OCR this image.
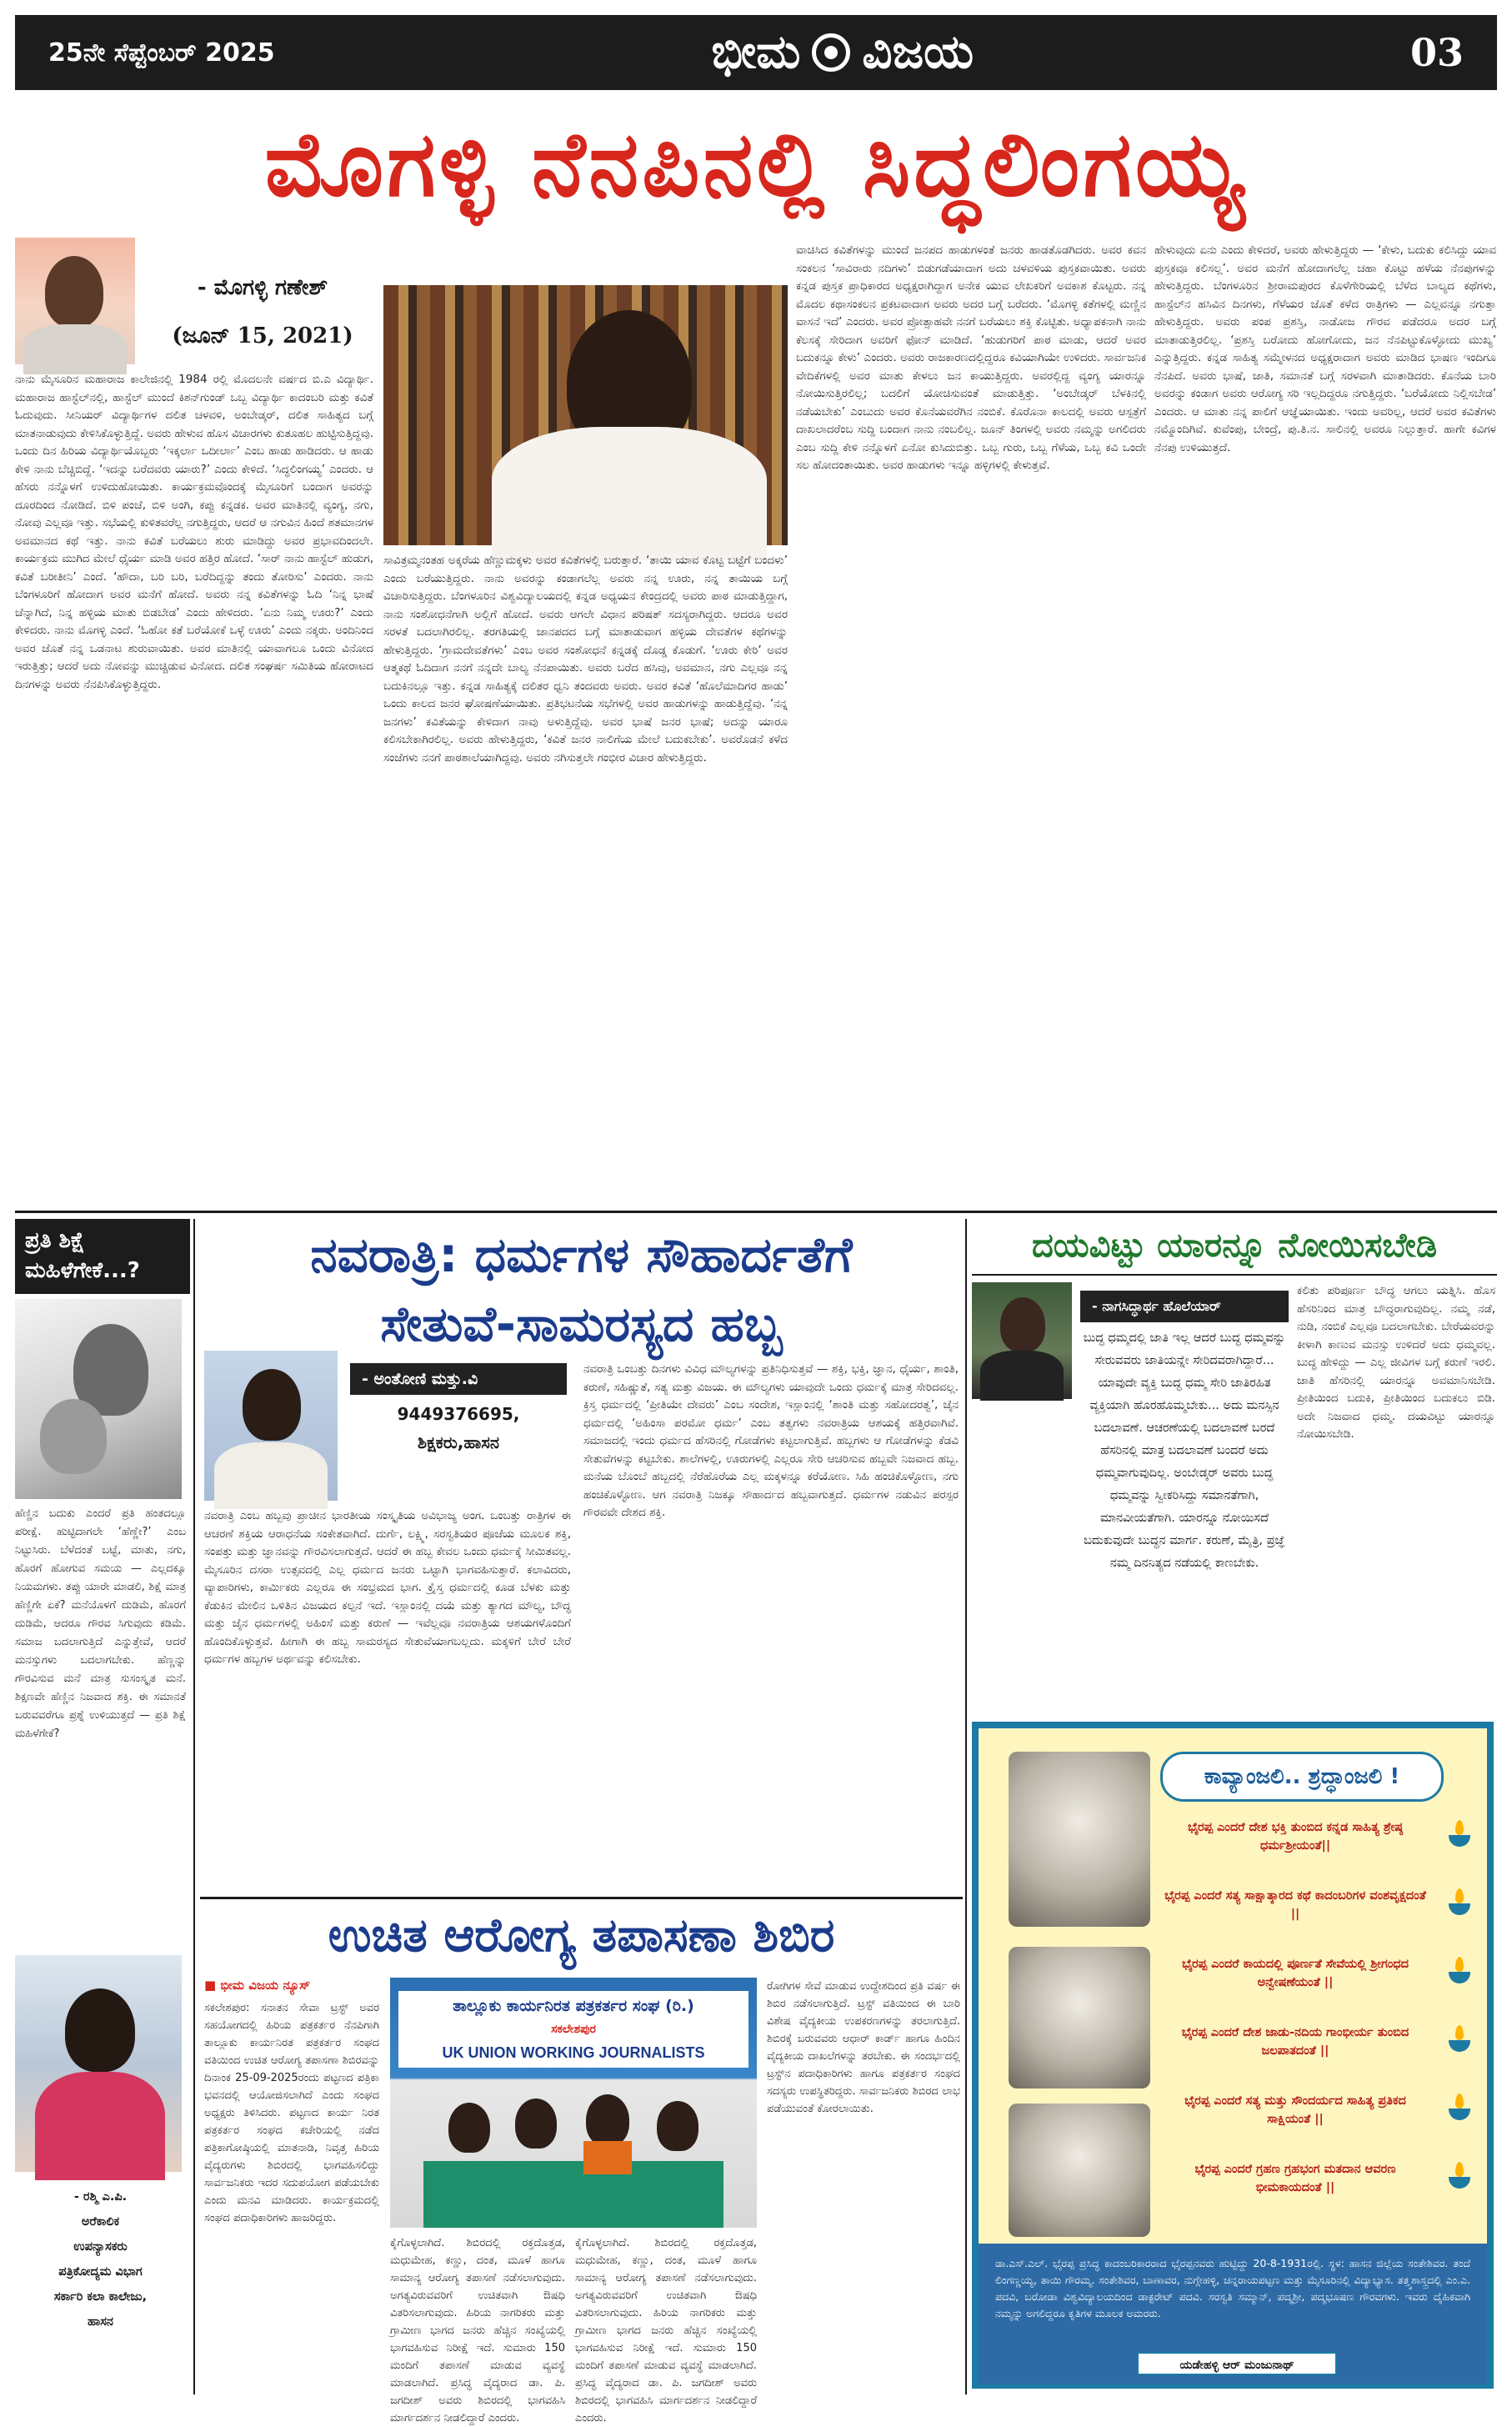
25ನೇ ಸೆಪ್ಟೆಂಬರ್ 2025	ಭೀಮ ವಿಜಯ	03
ಮೊಗಳ್ಳಿ ನೆನಪಿನಲ್ಲಿ ಸಿದ್ಧಲಿಂಗಯ್ಯ
- ಮೊಗಳ್ಳಿ ಗಣೇಶ್
(ಜೂನ್ 15, 2021)

ನಾನು ಮೈಸೂರಿನ ಮಹಾರಾಜ ಕಾಲೇಜಿನಲ್ಲಿ 1984 ರಲ್ಲಿ ಮೊದಲನೇ ವರ್ಷದ ಬಿ.ಎ ವಿದ್ಯಾರ್ಥಿ. ಮಹಾರಾಜ ಹಾಸ್ಟೆಲ್‌ನಲ್ಲಿ, ಹಾಸ್ಟೆಲ್ ಮುಂದೆ ಕಿಶನ್‌ಗುಂಡ್ ಒಬ್ಬ ವಿದ್ಯಾರ್ಥಿ ಕಾದಂಬರಿ ಮತ್ತು ಕವಿತೆ ಓದುವುದು. ಸೀನಿಯರ್ ವಿದ್ಯಾರ್ಥಿಗಳ ದಲಿತ ಚಳವಳಿ, ಅಂಬೇಡ್ಕರ್, ದಲಿತ ಸಾಹಿತ್ಯದ ಬಗ್ಗೆ ಮಾತನಾಡುವುದು ಕೇಳಿಸಿಕೊಳ್ಳುತ್ತಿದ್ದೆ. ಅವರು ಹೇಳುವ ಹೊಸ ವಿಚಾರಗಳು ಕುತೂಹಲ ಹುಟ್ಟಿಸುತ್ತಿದ್ದವು. ಒಂದು ದಿನ ಹಿರಿಯ ವಿದ್ಯಾರ್ಥಿಯೊಬ್ಬರು ‘ಇಕ್ಕರ್ಲಾ ಒದೀರ್ಲಾ’ ಎಂಬ ಹಾಡು ಹಾಡಿದರು. ಆ ಹಾಡು ಕೇಳಿ ನಾನು ಬೆಚ್ಚಿಬಿದ್ದೆ. ‘ಇದನ್ನು ಬರೆದವರು ಯಾರು?’ ಎಂದು ಕೇಳಿದೆ. ‘ಸಿದ್ಧಲಿಂಗಯ್ಯ’ ಎಂದರು. ಆ ಹೆಸರು ನನ್ನೊಳಗೆ ಉಳಿದುಹೋಯಿತು. ಕಾರ್ಯಕ್ರಮವೊಂದಕ್ಕೆ ಮೈಸೂರಿಗೆ ಬಂದಾಗ ಅವರನ್ನು ದೂರದಿಂದ ನೋಡಿದೆ. ಬಿಳಿ ಪಂಚೆ, ಬಿಳಿ ಅಂಗಿ, ಕಪ್ಪು ಕನ್ನಡಕ. ಅವರ ಮಾತಿನಲ್ಲಿ ವ್ಯಂಗ್ಯ, ನಗು, ನೋವು ಎಲ್ಲವೂ ಇತ್ತು. ಸಭೆಯಲ್ಲಿ ಕುಳಿತವರೆಲ್ಲ ನಗುತ್ತಿದ್ದರು, ಆದರೆ ಆ ನಗುವಿನ ಹಿಂದೆ ಶತಮಾನಗಳ ಅವಮಾನದ ಕಥೆ ಇತ್ತು. ನಾನು ಕವಿತೆ ಬರೆಯಲು ಶುರು ಮಾಡಿದ್ದು ಅವರ ಪ್ರಭಾವದಿಂದಲೇ. ಕಾರ್ಯಕ್ರಮ ಮುಗಿದ ಮೇಲೆ ಧೈರ್ಯ ಮಾಡಿ ಅವರ ಹತ್ತಿರ ಹೋದೆ. ‘ಸಾರ್ ನಾನು ಹಾಸ್ಟೆಲ್ ಹುಡುಗ, ಕವಿತೆ ಬರೀತೀನಿ’ ಎಂದೆ. ‘ಹೌದಾ, ಬರಿ ಬರಿ, ಬರೆದಿದ್ದನ್ನು ತಂದು ತೋರಿಸು’ ಎಂದರು. ನಾನು ಬೆಂಗಳೂರಿಗೆ ಹೋದಾಗ ಅವರ ಮನೆಗೆ ಹೋದೆ. ಅವರು ನನ್ನ ಕವಿತೆಗಳನ್ನು ಓದಿ ‘ನಿನ್ನ ಭಾಷೆ ಚೆನ್ನಾಗಿದೆ, ನಿನ್ನ ಹಳ್ಳಿಯ ಮಾತು ಬಿಡಬೇಡ’ ಎಂದು ಹೇಳಿದರು. ‘ಏನು ನಿಮ್ಮ ಊರು?’ ಎಂದು ಕೇಳಿದರು. ನಾನು ಮೊಗಳ್ಳಿ ಎಂದೆ. ‘ಓಹೋ ಕತೆ ಬರೆಯೋಕೆ ಒಳ್ಳೆ ಊರು’ ಎಂದು ನಕ್ಕರು. ಅಂದಿನಿಂದ ಅವರ ಜೊತೆ ನನ್ನ ಒಡನಾಟ ಶುರುವಾಯಿತು. ಅವರ ಮಾತಿನಲ್ಲಿ ಯಾವಾಗಲೂ ಒಂದು ವಿನೋದ ಇರುತ್ತಿತ್ತು; ಆದರೆ ಅದು ನೋವನ್ನು ಮುಚ್ಚಿಡುವ ವಿನೋದ. ದಲಿತ ಸಂಘರ್ಷ ಸಮಿತಿಯ ಹೋರಾಟದ ದಿನಗಳನ್ನು ಅವರು ನೆನಪಿಸಿಕೊಳ್ಳುತ್ತಿದ್ದರು.

ಸಾವಿತ್ರಮ್ಮನಂತಹ ಅಕ್ಕರೆಯ ಹೆಣ್ಣುಮಕ್ಕಳು ಅವರ ಕವಿತೆಗಳಲ್ಲಿ ಬರುತ್ತಾರೆ. ‘ತಾಯಿ ಯಾವ ಕೊಟ್ಟ ಬಟ್ಟೆಗೆ ಬಂದಳು’ ಎಂದು ಬರೆಯುತ್ತಿದ್ದರು. ನಾನು ಅವರನ್ನು ಕಂಡಾಗಲೆಲ್ಲ ಅವರು ನನ್ನ ಊರು, ನನ್ನ ತಾಯಿಯ ಬಗ್ಗೆ ವಿಚಾರಿಸುತ್ತಿದ್ದರು. ಬೆಂಗಳೂರಿನ ವಿಶ್ವವಿದ್ಯಾಲಯದಲ್ಲಿ ಕನ್ನಡ ಅಧ್ಯಯನ ಕೇಂದ್ರದಲ್ಲಿ ಅವರು ಪಾಠ ಮಾಡುತ್ತಿದ್ದಾಗ, ನಾನು ಸಂಶೋಧನೆಗಾಗಿ ಅಲ್ಲಿಗೆ ಹೋದೆ. ಅವರು ಆಗಲೇ ವಿಧಾನ ಪರಿಷತ್ ಸದಸ್ಯರಾಗಿದ್ದರು. ಆದರೂ ಅವರ ಸರಳತೆ ಬದಲಾಗಿರಲಿಲ್ಲ. ತರಗತಿಯಲ್ಲಿ ಜಾನಪದದ ಬಗ್ಗೆ ಮಾತಾಡುವಾಗ ಹಳ್ಳಿಯ ದೇವತೆಗಳ ಕಥೆಗಳನ್ನು ಹೇಳುತ್ತಿದ್ದರು. ‘ಗ್ರಾಮದೇವತೆಗಳು’ ಎಂಬ ಅವರ ಸಂಶೋಧನೆ ಕನ್ನಡಕ್ಕೆ ದೊಡ್ಡ ಕೊಡುಗೆ. ‘ಊರು ಕೇರಿ’ ಅವರ ಆತ್ಮಕಥೆ ಓದಿದಾಗ ನನಗೆ ನನ್ನದೇ ಬಾಲ್ಯ ನೆನಪಾಯಿತು. ಅವರು ಬರೆದ ಹಸಿವು, ಅವಮಾನ, ನಗು ಎಲ್ಲವೂ ನನ್ನ ಬದುಕಿನಲ್ಲೂ ಇತ್ತು. ಕನ್ನಡ ಸಾಹಿತ್ಯಕ್ಕೆ ದಲಿತರ ಧ್ವನಿ ತಂದವರು ಅವರು. ಅವರ ಕವಿತೆ ‘ಹೊಲೆಮಾದಿಗರ ಹಾಡು’ ಒಂದು ಕಾಲದ ಜನರ ಘೋಷಣೆಯಾಯಿತು. ಪ್ರತಿಭಟನೆಯ ಸಭೆಗಳಲ್ಲಿ ಅವರ ಹಾಡುಗಳನ್ನು ಹಾಡುತ್ತಿದ್ದೆವು. ‘ನನ್ನ ಜನಗಳು’ ಕವಿತೆಯನ್ನು ಕೇಳಿದಾಗ ನಾವು ಅಳುತ್ತಿದ್ದೆವು. ಅವರ ಭಾಷೆ ಜನರ ಭಾಷೆ; ಅದನ್ನು ಯಾರೂ ಕಲಿಸಬೇಕಾಗಿರಲಿಲ್ಲ. ಅವರು ಹೇಳುತ್ತಿದ್ದರು, ‘ಕವಿತೆ ಜನರ ನಾಲಿಗೆಯ ಮೇಲೆ ಬದುಕಬೇಕು’. ಅವರೊಡನೆ ಕಳೆದ ಸಂಜೆಗಳು ನನಗೆ ಪಾಠಶಾಲೆಯಾಗಿದ್ದವು. ಅವರು ನಗಿಸುತ್ತಲೇ ಗಂಭೀರ ವಿಚಾರ ಹೇಳುತ್ತಿದ್ದರು.

ವಾಚಿಸಿದ ಕವಿತೆಗಳನ್ನು ಮುಂದೆ ಜನಪದ ಹಾಡುಗಳಂತೆ ಜನರು ಹಾಡತೊಡಗಿದರು. ಅವರ ಕವನ ಸಂಕಲನ ‘ಸಾವಿರಾರು ನದಿಗಳು’ ಬಿಡುಗಡೆಯಾದಾಗ ಅದು ಚಳವಳಿಯ ಪುಸ್ತಕವಾಯಿತು. ಅವರು ಕನ್ನಡ ಪುಸ್ತಕ ಪ್ರಾಧಿಕಾರದ ಅಧ್ಯಕ್ಷರಾಗಿದ್ದಾಗ ಅನೇಕ ಯುವ ಲೇಖಕರಿಗೆ ಅವಕಾಶ ಕೊಟ್ಟರು. ನನ್ನ ಮೊದಲ ಕಥಾಸಂಕಲನ ಪ್ರಕಟವಾದಾಗ ಅವರು ಅದರ ಬಗ್ಗೆ ಬರೆದರು. ‘ಮೊಗಳ್ಳಿ ಕತೆಗಳಲ್ಲಿ ಮಣ್ಣಿನ ವಾಸನೆ ಇದೆ’ ಎಂದರು. ಅವರ ಪ್ರೋತ್ಸಾಹವೇ ನನಗೆ ಬರೆಯಲು ಶಕ್ತಿ ಕೊಟ್ಟಿತು. ಅಧ್ಯಾಪಕನಾಗಿ ನಾನು ಕೆಲಸಕ್ಕೆ ಸೇರಿದಾಗ ಅವರಿಗೆ ಫೋನ್ ಮಾಡಿದೆ. ‘ಹುಡುಗರಿಗೆ ಪಾಠ ಮಾಡು, ಆದರೆ ಅವರ ಬದುಕನ್ನೂ ಕೇಳು’ ಎಂದರು. ಅವರು ರಾಜಕಾರಣದಲ್ಲಿದ್ದರೂ ಕವಿಯಾಗಿಯೇ ಉಳಿದರು. ಸಾರ್ವಜನಿಕ ವೇದಿಕೆಗಳಲ್ಲಿ ಅವರ ಮಾತು ಕೇಳಲು ಜನ ಕಾಯುತ್ತಿದ್ದರು. ಅವರಲ್ಲಿದ್ದ ವ್ಯಂಗ್ಯ ಯಾರನ್ನೂ ನೋಯಿಸುತ್ತಿರಲಿಲ್ಲ; ಬದಲಿಗೆ ಯೋಚಿಸುವಂತೆ ಮಾಡುತ್ತಿತ್ತು. ‘ಅಂಬೇಡ್ಕರ್ ಬೆಳಕಿನಲ್ಲಿ ನಡೆಯಬೇಕು’ ಎಂಬುದು ಅವರ ಕೊನೆಯವರೆಗಿನ ನಂಬಿಕೆ. ಕೊರೊನಾ ಕಾಲದಲ್ಲಿ ಅವರು ಆಸ್ಪತ್ರೆಗೆ ದಾಖಲಾದರೆಂಬ ಸುದ್ದಿ ಬಂದಾಗ ನಾನು ನಂಬಲಿಲ್ಲ. ಜೂನ್ ತಿಂಗಳಲ್ಲಿ ಅವರು ನಮ್ಮನ್ನು ಅಗಲಿದರು ಎಂಬ ಸುದ್ದಿ ಕೇಳಿ ನನ್ನೊಳಗೆ ಏನೋ ಕುಸಿದುಬಿತ್ತು. ಒಬ್ಬ ಗುರು, ಒಬ್ಬ ಗೆಳೆಯ, ಒಬ್ಬ ಕವಿ ಒಂದೇ ಸಲ ಹೋದಂತಾಯಿತು. ಅವರ ಹಾಡುಗಳು ಇನ್ನೂ ಹಳ್ಳಿಗಳಲ್ಲಿ ಕೇಳುತ್ತವೆ.

ಹೇಳುವುದು ಏನು ಎಂದು ಕೇಳಿದರೆ, ಅವರು ಹೇಳುತ್ತಿದ್ದರು — ‘ಕೇಳು, ಬದುಕು ಕಲಿಸಿದ್ದು ಯಾವ ಪುಸ್ತಕವೂ ಕಲಿಸಲ್ಲ’. ಅವರ ಮನೆಗೆ ಹೋದಾಗಲೆಲ್ಲ ಚಹಾ ಕೊಟ್ಟು ಹಳೆಯ ನೆನಪುಗಳನ್ನು ಹೇಳುತ್ತಿದ್ದರು. ಬೆಂಗಳೂರಿನ ಶ್ರೀರಾಮಪುರದ ಕೊಳೆಗೇರಿಯಲ್ಲಿ ಬೆಳೆದ ಬಾಲ್ಯದ ಕಥೆಗಳು, ಹಾಸ್ಟೆಲ್‌ನ ಹಸಿವಿನ ದಿನಗಳು, ಗೆಳೆಯರ ಜೊತೆ ಕಳೆದ ರಾತ್ರಿಗಳು — ಎಲ್ಲವನ್ನೂ ನಗುತ್ತಾ ಹೇಳುತ್ತಿದ್ದರು. ಅವರು ಪಂಪ ಪ್ರಶಸ್ತಿ, ನಾಡೋಜ ಗೌರವ ಪಡೆದರೂ ಅದರ ಬಗ್ಗೆ ಮಾತಾಡುತ್ತಿರಲಿಲ್ಲ. ‘ಪ್ರಶಸ್ತಿ ಬರೋದು ಹೋಗೋದು, ಜನ ನೆನಪಿಟ್ಟುಕೊಳ್ಳೋದು ಮುಖ್ಯ’ ಎನ್ನುತ್ತಿದ್ದರು. ಕನ್ನಡ ಸಾಹಿತ್ಯ ಸಮ್ಮೇಳನದ ಅಧ್ಯಕ್ಷರಾದಾಗ ಅವರು ಮಾಡಿದ ಭಾಷಣ ಇಂದಿಗೂ ನೆನಪಿದೆ. ಅವರು ಭಾಷೆ, ಜಾತಿ, ಸಮಾನತೆ ಬಗ್ಗೆ ಸರಳವಾಗಿ ಮಾತಾಡಿದರು. ಕೊನೆಯ ಬಾರಿ ಅವರನ್ನು ಕಂಡಾಗ ಅವರು ಆರೋಗ್ಯ ಸರಿ ಇಲ್ಲದಿದ್ದರೂ ನಗುತ್ತಿದ್ದರು. ‘ಬರೆಯೋದು ನಿಲ್ಲಿಸಬೇಡ’ ಎಂದರು. ಆ ಮಾತು ನನ್ನ ಪಾಲಿಗೆ ಆಜ್ಞೆಯಾಯಿತು. ಇಂದು ಅವರಿಲ್ಲ, ಆದರೆ ಅವರ ಕವಿತೆಗಳು ನಮ್ಮೊಂದಿಗಿವೆ. ಕುವೆಂಪು, ಬೇಂದ್ರೆ, ಪು.ತಿ.ನ. ಸಾಲಿನಲ್ಲಿ ಅವರೂ ನಿಲ್ಲುತ್ತಾರೆ. ಹಾಗೇ ಕವಿಗಳ ನೆನಪು ಉಳಿಯುತ್ತದೆ.

ಪ್ರತಿ ಶಿಕ್ಷೆ
ಮಹಿಳೆಗೇಕೆ...?

ಹೆಣ್ಣಿನ ಬದುಕು ಎಂದರೆ ಪ್ರತಿ ಹಂತದಲ್ಲೂ ಪರೀಕ್ಷೆ. ಹುಟ್ಟಿದಾಗಲೇ ‘ಹೆಣ್ಣೇ?’ ಎಂಬ ನಿಟ್ಟುಸಿರು. ಬೆಳೆದಂತೆ ಬಟ್ಟೆ, ಮಾತು, ನಗು, ಹೊರಗೆ ಹೋಗುವ ಸಮಯ — ಎಲ್ಲದಕ್ಕೂ ನಿಯಮಗಳು. ತಪ್ಪು ಯಾರೇ ಮಾಡಲಿ, ಶಿಕ್ಷೆ ಮಾತ್ರ ಹೆಣ್ಣಿಗೇ ಏಕೆ? ಮನೆಯೊಳಗೆ ದುಡಿಮೆ, ಹೊರಗೆ ದುಡಿಮೆ, ಆದರೂ ಗೌರವ ಸಿಗುವುದು ಕಡಿಮೆ. ಸಮಾಜ ಬದಲಾಗುತ್ತಿದೆ ಎನ್ನುತ್ತೇವೆ, ಆದರೆ ಮನಸ್ಸುಗಳು ಬದಲಾಗಬೇಕು. ಹೆಣ್ಣನ್ನು ಗೌರವಿಸುವ ಮನೆ ಮಾತ್ರ ಸುಸಂಸ್ಕೃತ ಮನೆ. ಶಿಕ್ಷಣವೇ ಹೆಣ್ಣಿನ ನಿಜವಾದ ಶಕ್ತಿ. ಈ ಸಮಾನತೆ ಬರುವವರೆಗೂ ಪ್ರಶ್ನೆ ಉಳಿಯುತ್ತದೆ — ಪ್ರತಿ ಶಿಕ್ಷೆ ಮಹಿಳೆಗೇಕೆ?

- ರಶ್ಮಿ ಎ.ಪಿ.
ಅರೆಕಾಲಿಕ
ಉಪನ್ಯಾಸಕರು
ಪತ್ರಿಕೋದ್ಯಮ ವಿಭಾಗ
ಸರ್ಕಾರಿ ಕಲಾ ಕಾಲೇಜು,
ಹಾಸನ
ನವರಾತ್ರಿ: ಧರ್ಮಗಳ ಸೌಹಾರ್ದತೆಗೆ
ಸೇತುವೆ-ಸಾಮರಸ್ಯದ ಹಬ್ಬ
- ಅಂತೋಣಿ ಮತ್ತು.ವಿ
9449376695,
ಶಿಕ್ಷಕರು,ಹಾಸನ

ನವರಾತ್ರಿ ಎಂಬ ಹಬ್ಬವು ಪ್ರಾಚೀನ ಭಾರತೀಯ ಸಂಸ್ಕೃತಿಯ ಅವಿಭಾಜ್ಯ ಅಂಗ. ಒಂಬತ್ತು ರಾತ್ರಿಗಳ ಈ ಆಚರಣೆ ಶಕ್ತಿಯ ಆರಾಧನೆಯ ಸಂಕೇತವಾಗಿದೆ. ದುರ್ಗೆ, ಲಕ್ಷ್ಮಿ, ಸರಸ್ವತಿಯರ ಪೂಜೆಯ ಮೂಲಕ ಶಕ್ತಿ, ಸಂಪತ್ತು ಮತ್ತು ಜ್ಞಾನವನ್ನು ಗೌರವಿಸಲಾಗುತ್ತದೆ. ಆದರೆ ಈ ಹಬ್ಬ ಕೇವಲ ಒಂದು ಧರ್ಮಕ್ಕೆ ಸೀಮಿತವಲ್ಲ. ಮೈಸೂರಿನ ದಸರಾ ಉತ್ಸವದಲ್ಲಿ ಎಲ್ಲ ಧರ್ಮದ ಜನರು ಒಟ್ಟಾಗಿ ಭಾಗವಹಿಸುತ್ತಾರೆ. ಕಲಾವಿದರು, ವ್ಯಾಪಾರಿಗಳು, ಕಾರ್ಮಿಕರು ಎಲ್ಲರೂ ಈ ಸಂಭ್ರಮದ ಭಾಗ. ಕ್ರೈಸ್ತ ಧರ್ಮದಲ್ಲಿ ಕೂಡ ಬೆಳಕು ಮತ್ತು ಕೆಡುಕಿನ ಮೇಲಿನ ಒಳಿತಿನ ವಿಜಯದ ಕಲ್ಪನೆ ಇದೆ. ಇಸ್ಲಾಂನಲ್ಲಿ ದಯೆ ಮತ್ತು ತ್ಯಾಗದ ಮೌಲ್ಯ, ಬೌದ್ಧ ಮತ್ತು ಜೈನ ಧರ್ಮಗಳಲ್ಲಿ ಅಹಿಂಸೆ ಮತ್ತು ಕರುಣೆ — ಇವೆಲ್ಲವೂ ನವರಾತ್ರಿಯ ಆಶಯಗಳೊಂದಿಗೆ ಹೊಂದಿಕೊಳ್ಳುತ್ತವೆ. ಹೀಗಾಗಿ ಈ ಹಬ್ಬ ಸಾಮರಸ್ಯದ ಸೇತುವೆಯಾಗಬಲ್ಲದು. ಮಕ್ಕಳಿಗೆ ಬೇರೆ ಬೇರೆ ಧರ್ಮಗಳ ಹಬ್ಬಗಳ ಅರ್ಥವನ್ನು ಕಲಿಸಬೇಕು.

ನವರಾತ್ರಿ ಒಂಬತ್ತು ದಿನಗಳು ವಿವಿಧ ಮೌಲ್ಯಗಳನ್ನು ಪ್ರತಿನಿಧಿಸುತ್ತವೆ — ಶಕ್ತಿ, ಭಕ್ತಿ, ಜ್ಞಾನ, ಧೈರ್ಯ, ಶಾಂತಿ, ಕರುಣೆ, ಸಹಿಷ್ಣುತೆ, ಸತ್ಯ ಮತ್ತು ವಿಜಯ. ಈ ಮೌಲ್ಯಗಳು ಯಾವುದೇ ಒಂದು ಧರ್ಮಕ್ಕೆ ಮಾತ್ರ ಸೇರಿದವಲ್ಲ. ಕ್ರಿಸ್ತ ಧರ್ಮದಲ್ಲಿ ‘ಪ್ರೀತಿಯೇ ದೇವರು’ ಎಂಬ ಸಂದೇಶ, ಇಸ್ಲಾಂನಲ್ಲಿ ‘ಶಾಂತಿ ಮತ್ತು ಸಹೋದರತ್ವ’, ಜೈನ ಧರ್ಮದಲ್ಲಿ ‘ಅಹಿಂಸಾ ಪರಮೋ ಧರ್ಮ’ ಎಂಬ ತತ್ವಗಳು ನವರಾತ್ರಿಯ ಆಶಯಕ್ಕೆ ಹತ್ತಿರವಾಗಿವೆ. ಸಮಾಜದಲ್ಲಿ ಇಂದು ಧರ್ಮದ ಹೆಸರಿನಲ್ಲಿ ಗೋಡೆಗಳು ಕಟ್ಟಲಾಗುತ್ತಿವೆ. ಹಬ್ಬಗಳು ಆ ಗೋಡೆಗಳನ್ನು ಕೆಡವಿ ಸೇತುವೆಗಳನ್ನು ಕಟ್ಟಬೇಕು. ಶಾಲೆಗಳಲ್ಲಿ, ಊರುಗಳಲ್ಲಿ ಎಲ್ಲರೂ ಸೇರಿ ಆಚರಿಸುವ ಹಬ್ಬವೇ ನಿಜವಾದ ಹಬ್ಬ. ಮನೆಯ ಬೊಂಬೆ ಹಬ್ಬದಲ್ಲಿ ನೆರೆಹೊರೆಯ ಎಲ್ಲ ಮಕ್ಕಳನ್ನೂ ಕರೆಯೋಣ. ಸಿಹಿ ಹಂಚಿಕೊಳ್ಳೋಣ, ನಗು ಹಂಚಿಕೊಳ್ಳೋಣ. ಆಗ ನವರಾತ್ರಿ ನಿಜಕ್ಕೂ ಸೌಹಾರ್ದದ ಹಬ್ಬವಾಗುತ್ತದೆ. ಧರ್ಮಗಳ ನಡುವಿನ ಪರಸ್ಪರ ಗೌರವವೇ ದೇಶದ ಶಕ್ತಿ.

ದಯವಿಟ್ಟು ಯಾರನ್ನೂ ನೋಯಿಸಬೇಡಿ
- ನಾಗಸಿದ್ಧಾರ್ಥ ಹೊಲೆಯಾರ್

ಬುದ್ಧ ಧಮ್ಮದಲ್ಲಿ ಜಾತಿ ಇಲ್ಲ ಆದರೆ ಬುದ್ಧ ಧಮ್ಮವನ್ನು ಸೇರುವವರು ಜಾತಿಯನ್ನೇ ಸೇರಿದವರಾಗಿದ್ದಾರೆ... ಯಾವುದೇ ವ್ಯಕ್ತಿ ಬುದ್ಧ ಧಮ್ಮ ಸೇರಿ ಜಾತಿರಹಿತ ವ್ಯಕ್ತಿಯಾಗಿ ಹೊರಹೊಮ್ಮಬೇಕು... ಅದು ಮನಸ್ಸಿನ ಬದಲಾವಣೆ. ಆಚರಣೆಯಲ್ಲಿ ಬದಲಾವಣೆ ಬರದೆ ಹೆಸರಿನಲ್ಲಿ ಮಾತ್ರ ಬದಲಾವಣೆ ಬಂದರೆ ಅದು ಧಮ್ಮವಾಗುವುದಿಲ್ಲ. ಅಂಬೇಡ್ಕರ್ ಅವರು ಬುದ್ಧ ಧಮ್ಮವನ್ನು ಸ್ವೀಕರಿಸಿದ್ದು ಸಮಾನತೆಗಾಗಿ, ಮಾನವೀಯತೆಗಾಗಿ. ಯಾರನ್ನೂ ನೋಯಿಸದೆ ಬದುಕುವುದೇ ಬುದ್ಧನ ಮಾರ್ಗ. ಕರುಣೆ, ಮೈತ್ರಿ, ಪ್ರಜ್ಞೆ ನಮ್ಮ ದಿನನಿತ್ಯದ ನಡೆಯಲ್ಲಿ ಕಾಣಬೇಕು.

ಕಲಿತು ಪರಿಪೂರ್ಣ ಬೌದ್ಧ ಆಗಲು ಯತ್ನಿಸಿ. ಹೊಸ ಹೆಸರಿನಿಂದ ಮಾತ್ರ ಬೌದ್ಧರಾಗುವುದಿಲ್ಲ. ನಮ್ಮ ನಡೆ, ನುಡಿ, ನಂಬಿಕೆ ಎಲ್ಲವೂ ಬದಲಾಗಬೇಕು. ಬೇರೆಯವರನ್ನು ಕೀಳಾಗಿ ಕಾಣುವ ಮನಸ್ಸು ಉಳಿದರೆ ಅದು ಧಮ್ಮವಲ್ಲ. ಬುದ್ಧ ಹೇಳಿದ್ದು — ಎಲ್ಲ ಜೀವಿಗಳ ಬಗ್ಗೆ ಕರುಣೆ ಇರಲಿ. ಜಾತಿ ಹೆಸರಿನಲ್ಲಿ ಯಾರನ್ನೂ ಅವಮಾನಿಸಬೇಡಿ. ಪ್ರೀತಿಯಿಂದ ಬದುಕಿ, ಪ್ರೀತಿಯಿಂದ ಬದುಕಲು ಬಿಡಿ. ಅದೇ ನಿಜವಾದ ಧಮ್ಮ. ದಯವಿಟ್ಟು ಯಾರನ್ನೂ ನೋಯಿಸಬೇಡಿ.

ಉಚಿತ ಆರೋಗ್ಯ ತಪಾಸಣಾ ಶಿಬಿರ
■ ಭೀಮ ವಿಜಯ ನ್ಯೂಸ್

ಸಕಲೇಶಪುರ: ಸನಾತನ ಸೇವಾ ಟ್ರಸ್ಟ್ ಅವರ ಸಹಯೋಗದಲ್ಲಿ ಹಿರಿಯ ಪತ್ರಕರ್ತರ ನೆನಪಿಗಾಗಿ ತಾಲ್ಲೂಕು ಕಾರ್ಯನಿರತ ಪತ್ರಕರ್ತರ ಸಂಘದ ವತಿಯಿಂದ ಉಚಿತ ಆರೋಗ್ಯ ತಪಾಸಣಾ ಶಿಬಿರವನ್ನು ದಿನಾಂಕ 25-09-2025ರಂದು ಪಟ್ಟಣದ ಪತ್ರಿಕಾ ಭವನದಲ್ಲಿ ಆಯೋಜಿಸಲಾಗಿದೆ ಎಂದು ಸಂಘದ ಅಧ್ಯಕ್ಷರು ತಿಳಿಸಿದರು. ಪಟ್ಟಣದ ಕಾರ್ಯ ನಿರತ ಪತ್ರಕರ್ತರ ಸಂಘದ ಕಚೇರಿಯಲ್ಲಿ ನಡೆದ ಪತ್ರಿಕಾಗೋಷ್ಠಿಯಲ್ಲಿ ಮಾತನಾಡಿ, ನಿವೃತ್ತ ಹಿರಿಯ ವೈದ್ಯರುಗಳು ಶಿಬಿರದಲ್ಲಿ ಭಾಗವಹಿಸಲಿದ್ದು ಸಾರ್ವಜನಿಕರು ಇದರ ಸದುಪಯೋಗ ಪಡೆಯಬೇಕು ಎಂದು ಮನವಿ ಮಾಡಿದರು. ಕಾರ್ಯಕ್ರಮದಲ್ಲಿ ಸಂಘದ ಪದಾಧಿಕಾರಿಗಳು ಹಾಜರಿದ್ದರು.

ತಾಲ್ಲೂಕು ಕಾರ್ಯನಿರತ ಪತ್ರಕರ್ತರ ಸಂಘ (ರಿ.)
ಸಕಲೇಶಪುರ
UK UNION WORKING JOURNALISTS

ಕೈಗೊಳ್ಳಲಾಗಿದೆ. ಶಿಬಿರದಲ್ಲಿ ರಕ್ತದೊತ್ತಡ, ಮಧುಮೇಹ, ಕಣ್ಣು, ದಂತ, ಮೂಳೆ ಹಾಗೂ ಸಾಮಾನ್ಯ ಆರೋಗ್ಯ ತಪಾಸಣೆ ನಡೆಸಲಾಗುವುದು. ಅಗತ್ಯವಿರುವವರಿಗೆ ಉಚಿತವಾಗಿ ಔಷಧಿ ವಿತರಿಸಲಾಗುವುದು. ಹಿರಿಯ ನಾಗರಿಕರು ಮತ್ತು ಗ್ರಾಮೀಣ ಭಾಗದ ಜನರು ಹೆಚ್ಚಿನ ಸಂಖ್ಯೆಯಲ್ಲಿ ಭಾಗವಹಿಸುವ ನಿರೀಕ್ಷೆ ಇದೆ. ಸುಮಾರು 150 ಮಂದಿಗೆ ತಪಾಸಣೆ ಮಾಡುವ ವ್ಯವಸ್ಥೆ ಮಾಡಲಾಗಿದೆ. ಪ್ರಸಿದ್ಧ ವೈದ್ಯರಾದ ಡಾ. ಪಿ. ಜಗದೀಶ್ ಅವರು ಶಿಬಿರದಲ್ಲಿ ಭಾಗವಹಿಸಿ ಮಾರ್ಗದರ್ಶನ ನೀಡಲಿದ್ದಾರೆ ಎಂದರು.

ಕೈಗೊಳ್ಳಲಾಗಿದೆ. ಶಿಬಿರದಲ್ಲಿ ರಕ್ತದೊತ್ತಡ, ಮಧುಮೇಹ, ಕಣ್ಣು, ದಂತ, ಮೂಳೆ ಹಾಗೂ ಸಾಮಾನ್ಯ ಆರೋಗ್ಯ ತಪಾಸಣೆ ನಡೆಸಲಾಗುವುದು. ಅಗತ್ಯವಿರುವವರಿಗೆ ಉಚಿತವಾಗಿ ಔಷಧಿ ವಿತರಿಸಲಾಗುವುದು. ಹಿರಿಯ ನಾಗರಿಕರು ಮತ್ತು ಗ್ರಾಮೀಣ ಭಾಗದ ಜನರು ಹೆಚ್ಚಿನ ಸಂಖ್ಯೆಯಲ್ಲಿ ಭಾಗವಹಿಸುವ ನಿರೀಕ್ಷೆ ಇದೆ. ಸುಮಾರು 150 ಮಂದಿಗೆ ತಪಾಸಣೆ ಮಾಡುವ ವ್ಯವಸ್ಥೆ ಮಾಡಲಾಗಿದೆ. ಪ್ರಸಿದ್ಧ ವೈದ್ಯರಾದ ಡಾ. ಪಿ. ಜಗದೀಶ್ ಅವರು ಶಿಬಿರದಲ್ಲಿ ಭಾಗವಹಿಸಿ ಮಾರ್ಗದರ್ಶನ ನೀಡಲಿದ್ದಾರೆ ಎಂದರು.

ರೋಗಿಗಳ ಸೇವೆ ಮಾಡುವ ಉದ್ದೇಶದಿಂದ ಪ್ರತಿ ವರ್ಷ ಈ ಶಿಬಿರ ನಡೆಸಲಾಗುತ್ತಿದೆ. ಟ್ರಸ್ಟ್ ವತಿಯಿಂದ ಈ ಬಾರಿ ವಿಶೇಷ ವೈದ್ಯಕೀಯ ಉಪಕರಣಗಳನ್ನು ತರಲಾಗುತ್ತಿದೆ. ಶಿಬಿರಕ್ಕೆ ಬರುವವರು ಆಧಾರ್ ಕಾರ್ಡ್ ಹಾಗೂ ಹಿಂದಿನ ವೈದ್ಯಕೀಯ ದಾಖಲೆಗಳನ್ನು ತರಬೇಕು. ಈ ಸಂದರ್ಭದಲ್ಲಿ ಟ್ರಸ್ಟ್‌ನ ಪದಾಧಿಕಾರಿಗಳು ಹಾಗೂ ಪತ್ರಕರ್ತರ ಸಂಘದ ಸದಸ್ಯರು ಉಪಸ್ಥಿತರಿದ್ದರು. ಸಾರ್ವಜನಿಕರು ಶಿಬಿರದ ಲಾಭ ಪಡೆಯುವಂತೆ ಕೋರಲಾಯಿತು.

ಕಾವ್ಯಾಂಜಲಿ.. ಶ್ರದ್ಧಾಂಜಲಿ !
ಭೈರಪ್ಪ ಎಂದರೆ ದೇಶ ಭಕ್ತಿ ತುಂಬಿದ ಕನ್ನಡ ಸಾಹಿತ್ಯ ಶ್ರೇಷ್ಠ ಧರ್ಮಶ್ರೀಯಂತೆ||
ಭೈರಪ್ಪ ಎಂದರೆ ಸತ್ಯ ಸಾಕ್ಷಾತ್ಕಾರದ ಕಥೆ ಕಾದಂಬರಿಗಳ ವಂಶವೃಕ್ಷದಂತೆ ||
ಭೈರಪ್ಪ ಎಂದರೆ ಕಾಯದಲ್ಲಿ ಪೂರ್ಣತೆ ಸೇವೆಯಲ್ಲಿ ಶ್ರೀಗಂಧದ ಅನ್ವೇಷಣೆಯಂತೆ ||
ಭೈರಪ್ಪ ಎಂದರೆ ದೇಶ ಜಾಡು-ನದಿಯ ಗಾಂಭೀರ್ಯ ತುಂಬಿದ ಜಲಪಾತದಂತೆ ||
ಭೈರಪ್ಪ ಎಂದರೆ ಸತ್ಯ ಮತ್ತು ಸೌಂದರ್ಯದ ಸಾಹಿತ್ಯ ಪ್ರತಿಕದ ಸಾಕ್ಷಿಯಂತೆ ||
ಭೈರಪ್ಪ ಎಂದರೆ ಗ್ರಹಣ ಗ್ರಹಭಂಗ ಮತದಾನ ಆವರಣ ಭೀಮಕಾಯದಂತೆ ||
ಡಾ.ಎಸ್.ಎಲ್. ಭೈರಪ್ಪ ಪ್ರಸಿದ್ಧ ಕಾದಂಬರಿಕಾರರಾದ ಭೈರಪ್ಪನವರು ಹುಟ್ಟಿದ್ದು 20-8-1931ರಲ್ಲಿ. ಸ್ಥಳ: ಹಾಸನ ಜಿಲ್ಲೆಯ ಸಂತೇಶಿವರ. ತಂದೆ ಲಿಂಗಣ್ಣಯ್ಯ, ತಾಯಿ ಗೌರಮ್ಮ. ಸಂತೇಶಿವರ, ಬಾಣಾವರ, ನುಗ್ಗೇಹಳ್ಳಿ, ಚನ್ನರಾಯಪಟ್ಟಣ ಮತ್ತು ಮೈಸೂರಿನಲ್ಲಿ ವಿದ್ಯಾಭ್ಯಾಸ. ತತ್ತ್ವಶಾಸ್ತ್ರದಲ್ಲಿ ಎಂ.ಎ. ಪದವಿ, ಬರೋಡಾ ವಿಶ್ವವಿದ್ಯಾಲಯದಿಂದ ಡಾಕ್ಟರೇಟ್ ಪದವಿ. ಸರಸ್ವತಿ ಸಮ್ಮಾನ್, ಪದ್ಮಶ್ರೀ, ಪದ್ಮಭೂಷಣ ಗೌರವಗಳು. ಇವರು ದೈಹಿಕವಾಗಿ ನಮ್ಮನ್ನು ಅಗಲಿದ್ದರೂ ಕೃತಿಗಳ ಮೂಲಕ ಅಮರರು.
ಯಡೇಹಳ್ಳಿ ಆರ್ ಮಂಜುನಾಥ್
